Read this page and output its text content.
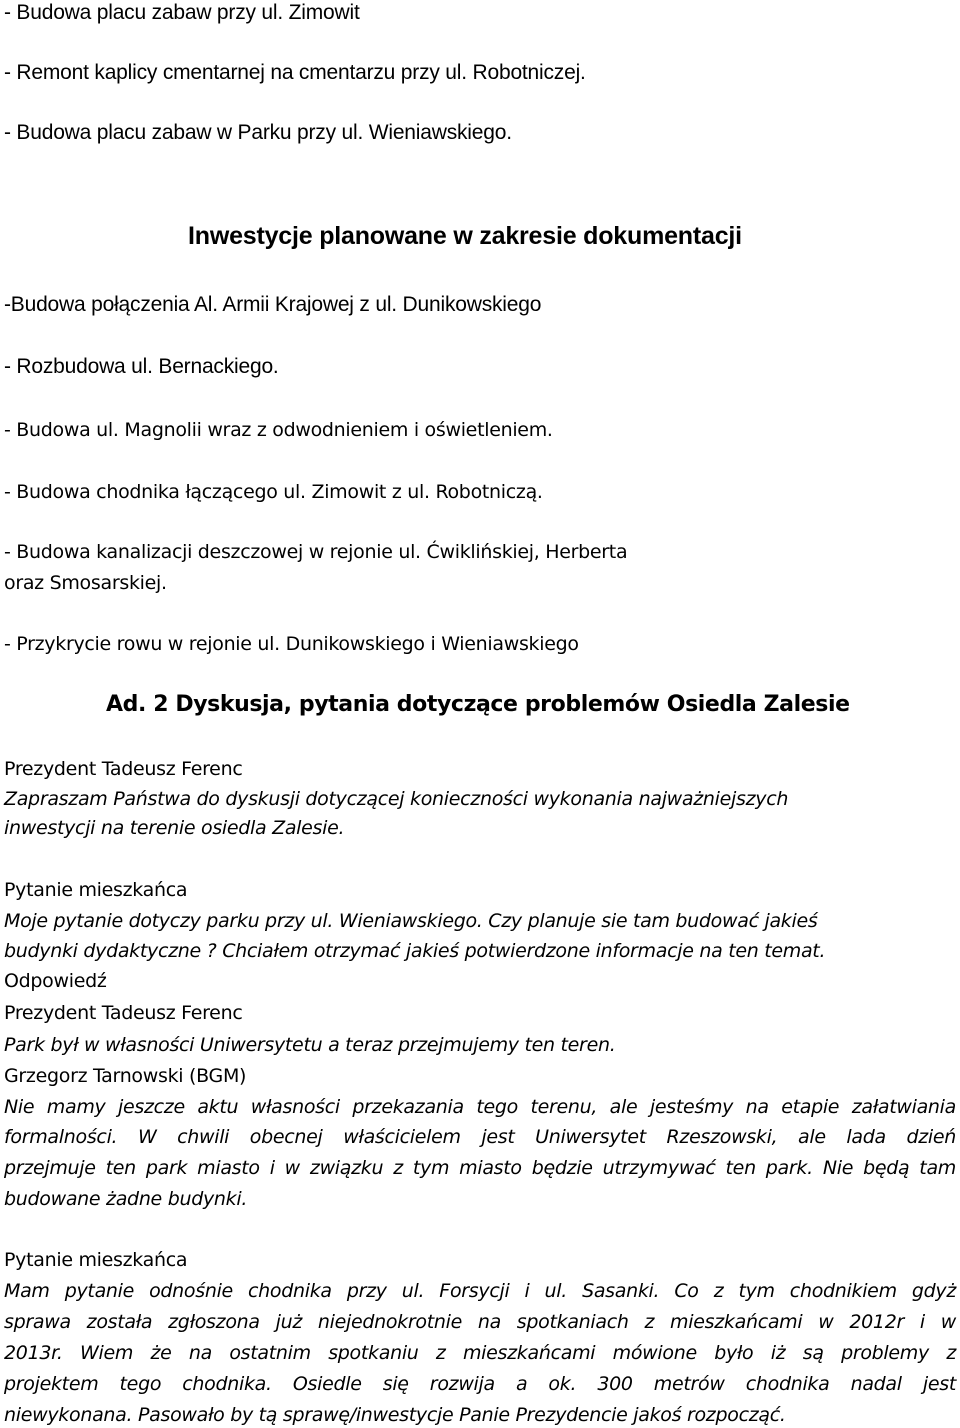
- Budowa placu zabaw przy ul. Zimowit
- Remont kaplicy cmentarnej na cmentarzu przy ul. Robotniczej.
- Budowa placu zabaw w Parku przy ul. Wieniawskiego.
Inwestycje planowane w zakresie dokumentacji
-Budowa połączenia Al. Armii Krajowej z ul. Dunikowskiego
- Rozbudowa ul. Bernackiego.
- Budowa ul. Magnolii wraz z odwodnieniem i oświetleniem.
- Budowa chodnika łączącego ul. Zimowit z ul. Robotniczą.
- Budowa kanalizacji deszczowej w rejonie ul. Ćwiklińskiej, Herberta
oraz Smosarskiej.
- Przykrycie rowu w rejonie ul. Dunikowskiego i Wieniawskiego
Ad. 2 Dyskusja, pytania dotyczące problemów Osiedla Zalesie
Prezydent Tadeusz Ferenc
Zapraszam Państwa do dyskusji dotyczącej konieczności wykonania najważniejszych
inwestycji na terenie osiedla Zalesie.
Pytanie mieszkańca
Moje pytanie dotyczy parku przy ul. Wieniawskiego. Czy planuje sie tam budować jakieś
budynki dydaktyczne ? Chciałem otrzymać jakieś potwierdzone informacje na ten temat.
Odpowiedź
Prezydent Tadeusz Ferenc
Park był w własności Uniwersytetu a teraz przejmujemy ten teren.
Grzegorz Tarnowski (BGM)
Nie mamy jeszcze aktu własności przekazania tego terenu, ale jesteśmy na etapie załatwiania
formalności. W chwili obecnej właścicielem jest Uniwersytet Rzeszowski, ale lada dzień
przejmuje ten park miasto i w związku z tym miasto będzie utrzymywać ten park. Nie będą tam
budowane żadne budynki.
Pytanie mieszkańca
Mam pytanie odnośnie chodnika przy ul. Forsycji i ul. Sasanki. Co z tym chodnikiem gdyż
sprawa została zgłoszona już niejednokrotnie na spotkaniach z mieszkańcami w 2012r i w
2013r. Wiem że na ostatnim spotkaniu z mieszkańcami mówione było iż są problemy z
projektem tego chodnika. Osiedle się rozwija a ok. 300 metrów chodnika nadal jest
niewykonana. Pasowało by tą sprawę/inwestycje Panie Prezydencie jakoś rozpocząć.
